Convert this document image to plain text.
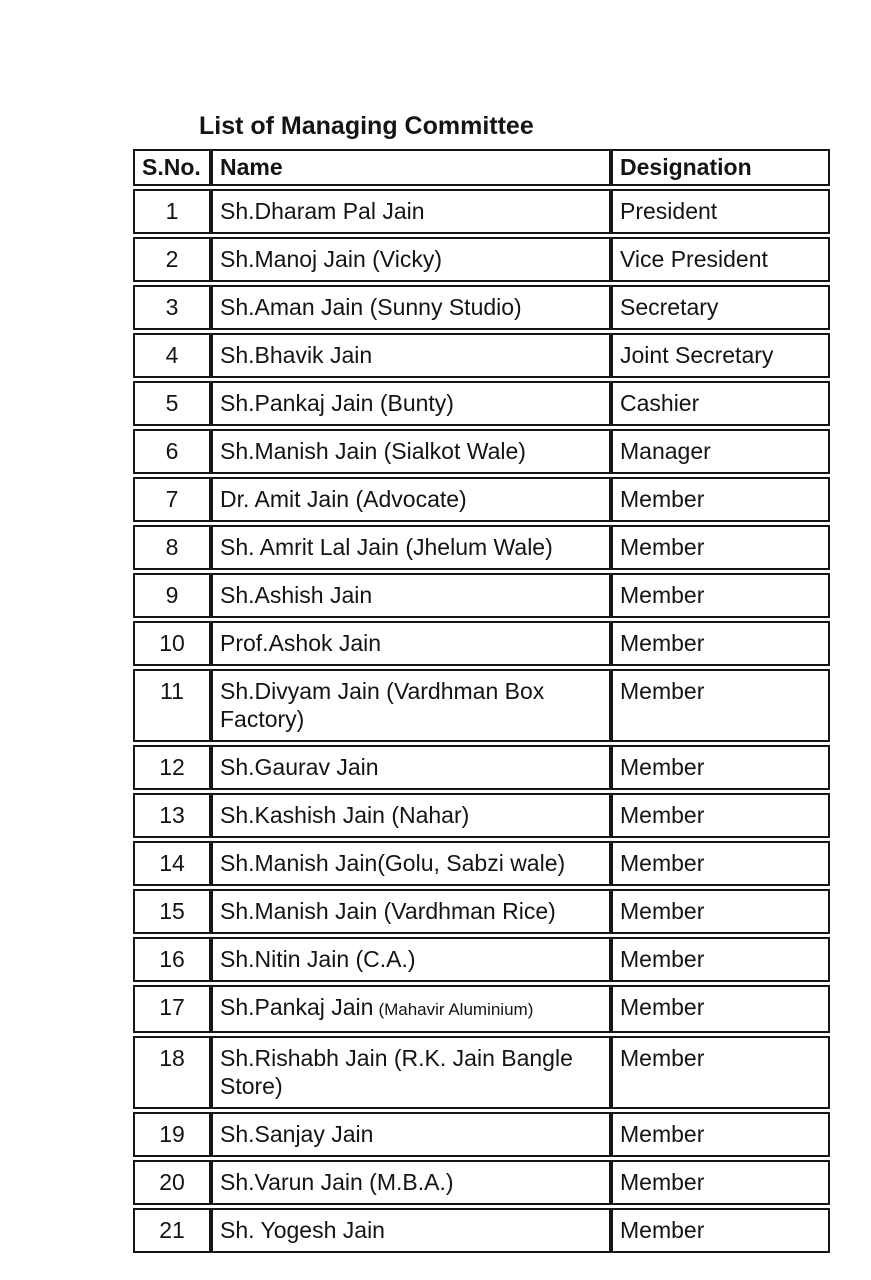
List of Managing Committee
S.No.	Name	Designation
1	Sh.Dharam Pal Jain	President
2	Sh.Manoj Jain (Vicky)	Vice President
3	Sh.Aman Jain (Sunny Studio)	Secretary
4	Sh.Bhavik Jain	Joint Secretary
5	Sh.Pankaj Jain (Bunty)	Cashier
6	Sh.Manish Jain (Sialkot Wale)	Manager
7	Dr. Amit Jain (Advocate)	Member
8	Sh. Amrit Lal Jain (Jhelum Wale)	Member
9	Sh.Ashish Jain	Member
10	Prof.Ashok Jain	Member
11	Sh.Divyam Jain (Vardhman Box Factory)	Member
12	Sh.Gaurav Jain	Member
13	Sh.Kashish Jain (Nahar)	Member
14	Sh.Manish Jain(Golu, Sabzi wale)	Member
15	Sh.Manish Jain (Vardhman Rice)	Member
16	Sh.Nitin Jain (C.A.)	Member
17	Sh.Pankaj Jain (Mahavir Aluminium)	Member
18	Sh.Rishabh Jain (R.K. Jain Bangle Store)	Member
19	Sh.Sanjay Jain	Member
20	Sh.Varun Jain (M.B.A.)	Member
21	Sh. Yogesh Jain	Member
